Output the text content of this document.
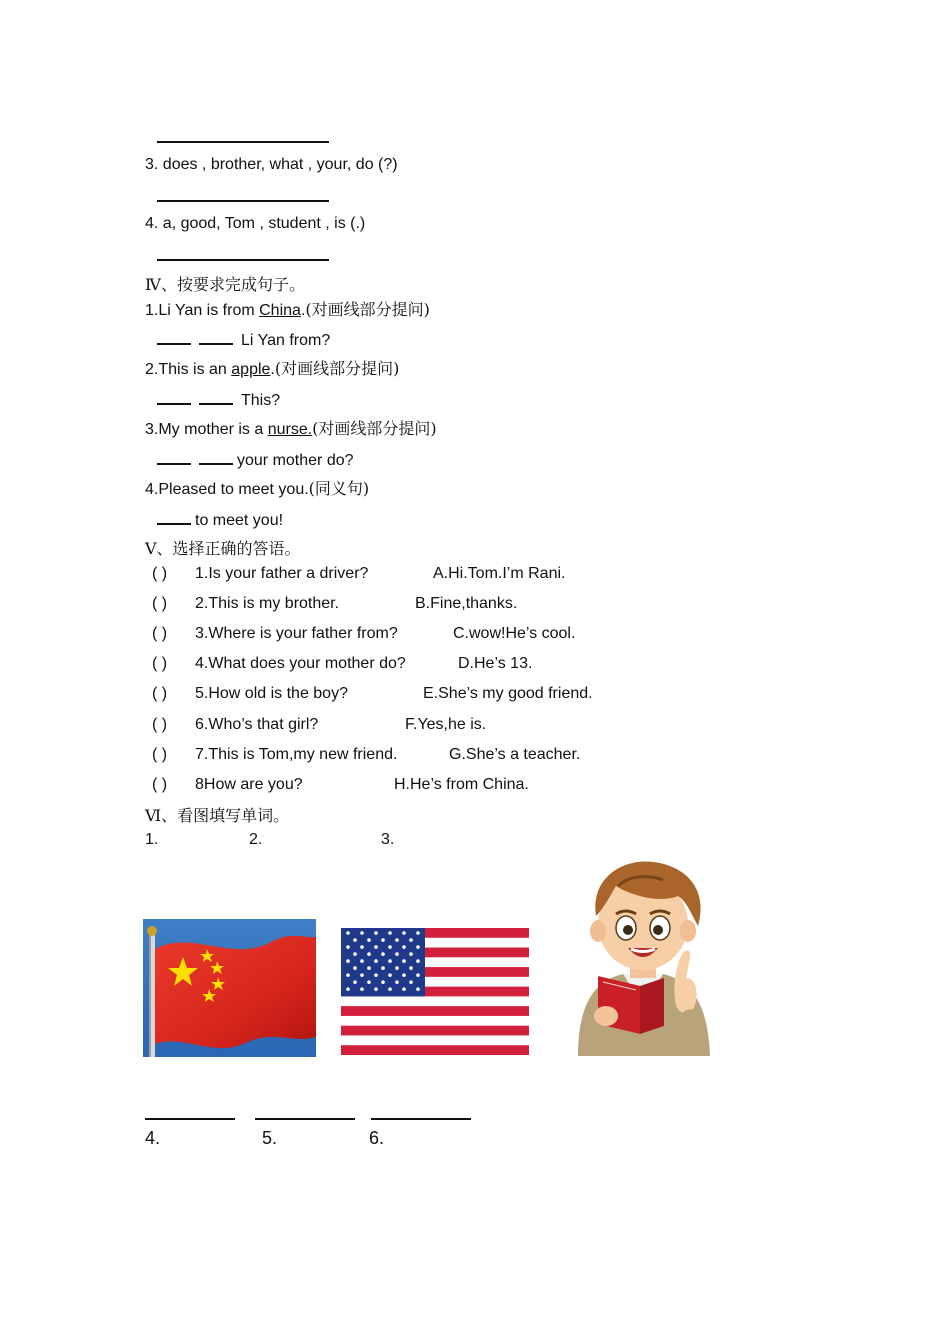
3. does , brother, what , your, do (?)
4. a, good, Tom , student , is (.)
Ⅳ、按要求完成句子。
1.Li Yan is from China.(对画线部分提问)
Li Yan from?
2.This is an apple.(对画线部分提问)
This?
3.My mother is a nurse.(对画线部分提问)
your mother do?
4.Pleased to meet you.(同义句)
to meet you!
Ⅴ、选择正确的答语。
( ) 1.Is your father a driver?	A.Hi.Tom.I’m Rani.
( ) 2.This is my brother.	B.Fine,thanks.
( ) 3.Where is your father from?	C.wow!He’s cool.
( ) 4.What does your mother do?	D.He’s 13.
( ) 5.How old is the boy?	E.She’s my good friend.
( ) 6.Who’s that girl?	F.Yes,he is.
( ) 7.This is Tom,my new friend.	G.She’s a teacher.
( ) 8How are you?	H.He’s from China.
Ⅵ、看图填写单词。
1.	2.	3.
4.	5.	6.
